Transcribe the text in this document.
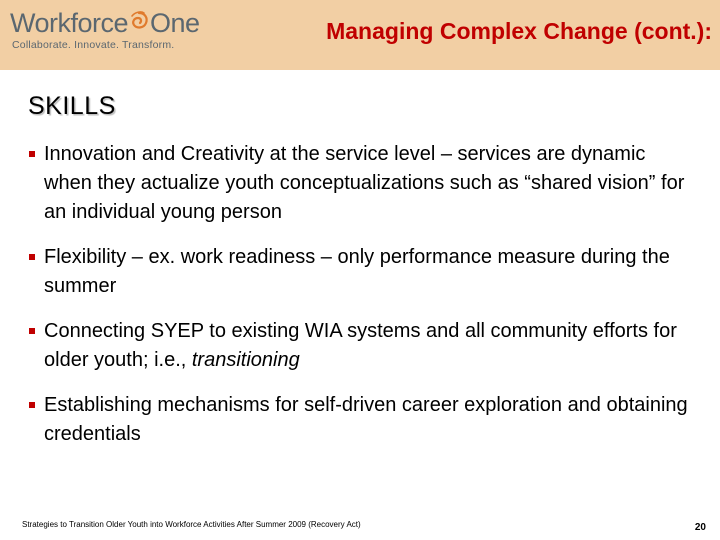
Workforce One
Collaborate. Innovate. Transform.
Managing Complex Change (cont.):
SKILLS
Innovation and Creativity at the service level – services are dynamic when they actualize youth conceptualizations such as “shared vision” for an individual young person
Flexibility – ex. work readiness – only performance measure during the summer
Connecting SYEP to existing WIA systems and all community efforts for older youth; i.e., transitioning
Establishing mechanisms for self-driven career exploration and obtaining credentials
Strategies to Transition Older Youth into Workforce Activities After Summer 2009 (Recovery Act)	20
